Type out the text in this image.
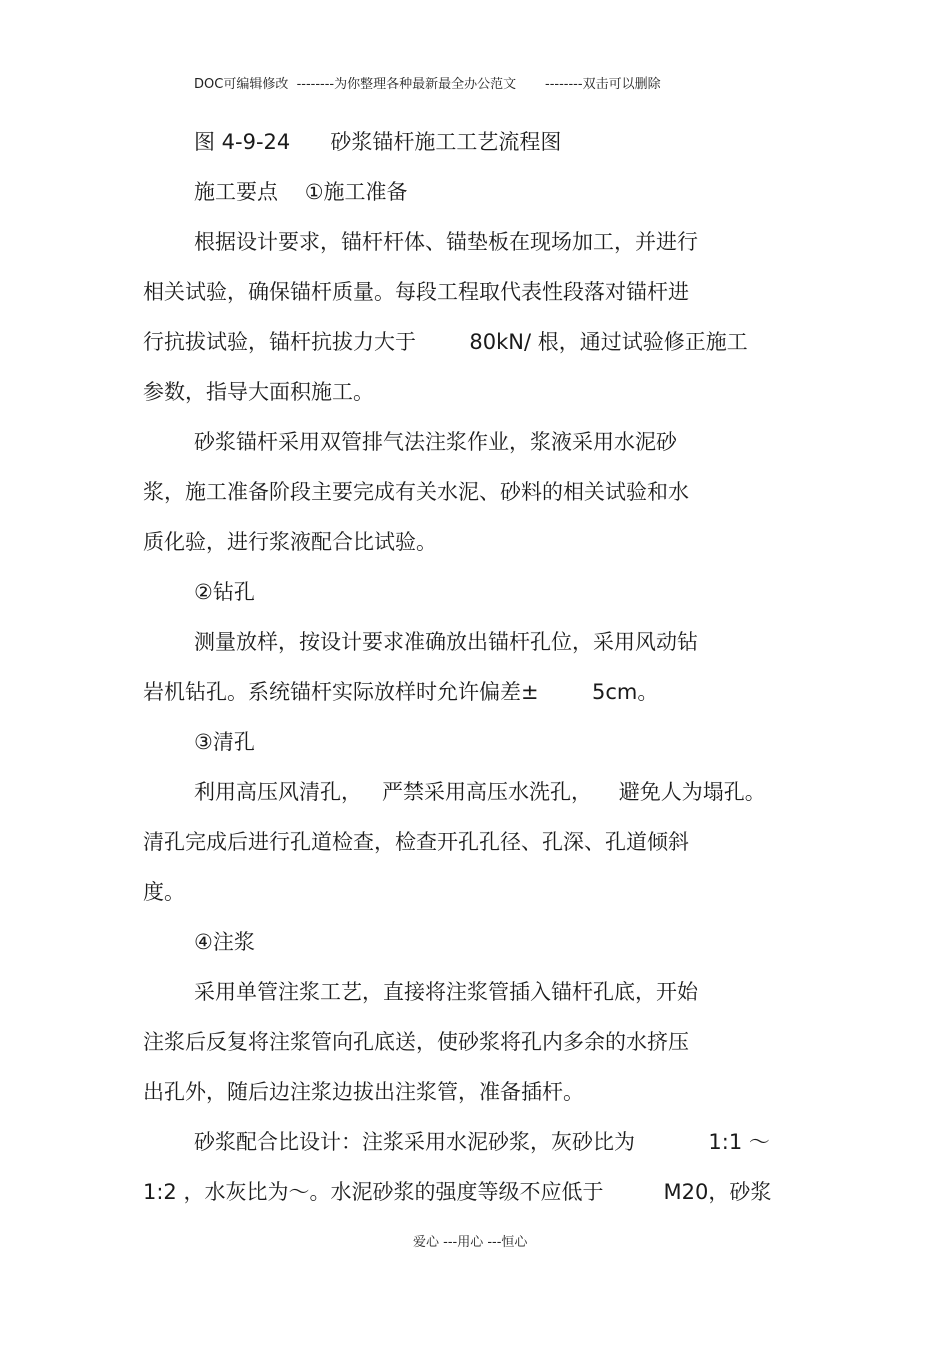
DOC可编辑修改  --------为你整理各种最新最全办公范文       --------双击可以删除
图 4-9-24      砂浆锚杆施工工艺流程图
施工要点    ①施工准备
根据设计要求，锚杆杆体、锚垫板在现场加工，并进行
相关试验，确保锚杆质量。每段工程取代表性段落对锚杆进
行抗拔试验，锚杆抗拔力大于        80kN/ 根，通过试验修正施工
参数，指导大面积施工。
砂浆锚杆采用双管排气法注浆作业，浆液采用水泥砂
浆，施工准备阶段主要完成有关水泥、砂料的相关试验和水
质化验，进行浆液配合比试验。
②钻孔
测量放样，按设计要求准确放出锚杆孔位，采用风动钻
岩机钻孔。系统锚杆实际放样时允许偏差±        5cm。
③清孔
利用高压风清孔，   严禁采用高压水洗孔，    避免人为塌孔。
清孔完成后进行孔道检查，检查开孔孔径、孔深、孔道倾斜
度。
④注浆
采用单管注浆工艺，直接将注浆管插入锚杆孔底，开始
注浆后反复将注浆管向孔底送，使砂浆将孔内多余的水挤压
出孔外，随后边注浆边拔出注浆管，准备插杆。
砂浆配合比设计：注浆采用水泥砂浆，灰砂比为           1:1 ～
1:2 ，水灰比为～。水泥砂浆的强度等级不应低于         M20，砂浆
爱心 ---用心 ---恒心
